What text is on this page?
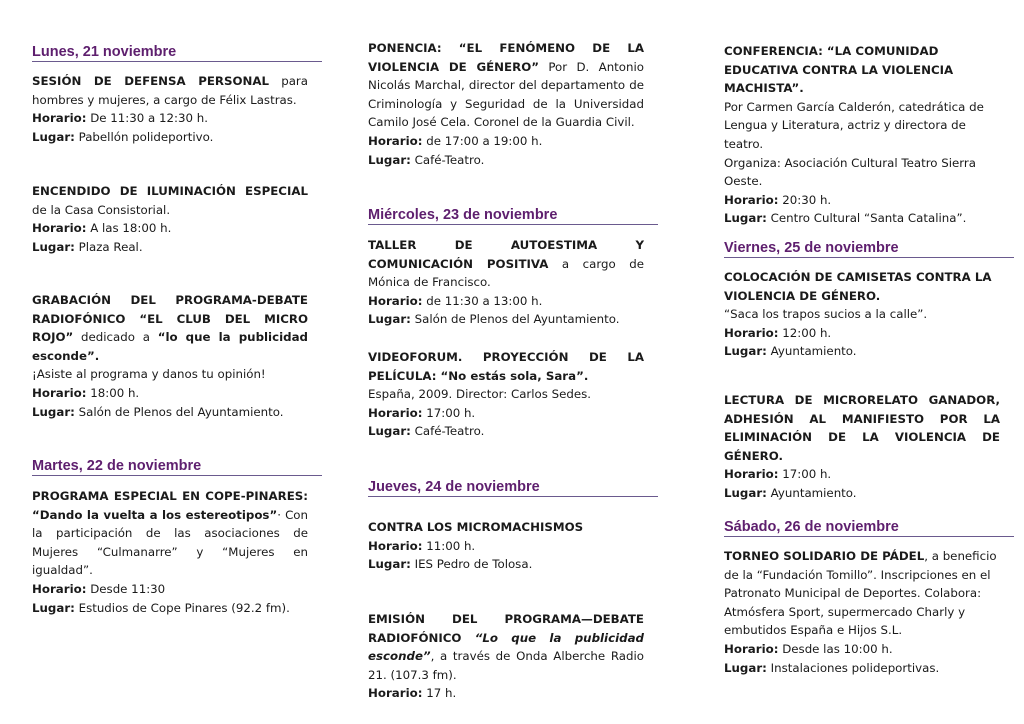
Lunes, 21 noviembre

SESIÓN DE DEFENSA PERSONAL para hombres y mujeres, a cargo de Félix Lastras.

Horario: De 11:30 a 12:30 h.

Lugar: Pabellón polideportivo.

ENCENDIDO DE ILUMINACIÓN ESPECIAL de la Casa Consistorial.

Horario: A las 18:00 h.

Lugar: Plaza Real.

GRABACIÓN DEL PROGRAMA-DEBATE RADIOFÓNICO “EL CLUB DEL MICRO ROJO” dedicado a “lo que la publicidad esconde”.

¡Asiste al programa y danos tu opinión!

Horario: 18:00 h.

Lugar: Salón de Plenos del Ayuntamiento.

Martes, 22 de noviembre

PROGRAMA ESPECIAL EN COPE-PINARES: “Dando la vuelta a los estereotipos”· Con la participación de las asociaciones de Mujeres “Culmanarre” y “Mujeres en igualdad”.

Horario: Desde 11:30

Lugar: Estudios de Cope Pinares (92.2 fm).

PONENCIA: “EL FENÓMENO DE LA VIOLENCIA DE GÉNERO” Por D. Antonio Nicolás Marchal, director del departamento de Criminología y Seguridad de la Universidad Camilo José Cela. Coronel de la Guardia Civil.

Horario: de 17:00 a 19:00 h.

Lugar: Café-Teatro.

Miércoles, 23 de noviembre

TALLER DE AUTOESTIMA Y COMUNICACIÓN POSITIVA a cargo de Mónica de Francisco.

Horario: de 11:30 a 13:00 h.

Lugar: Salón de Plenos del Ayuntamiento.

VIDEOFORUM. PROYECCIÓN DE LA PELÍCULA: “No estás sola, Sara”.

España, 2009. Director: Carlos Sedes.

Horario: 17:00 h.

Lugar: Café-Teatro.

Jueves, 24 de noviembre

CONTRA LOS MICROMACHISMOS

Horario: 11:00 h.

Lugar: IES Pedro de Tolosa.

EMISIÓN DEL PROGRAMA—DEBATE RADIOFÓNICO “Lo que la publicidad esconde”, a través de Onda Alberche Radio 21. (107.3 fm).

Horario: 17 h.

CONFERENCIA: “LA COMUNIDAD EDUCATIVA CONTRA LA VIOLENCIA MACHISTA”.

Por Carmen García Calderón, catedrática de Lengua y Literatura, actriz y directora de teatro.

Organiza: Asociación Cultural Teatro Sierra Oeste.

Horario: 20:30 h.

Lugar: Centro Cultural “Santa Catalina”.

Viernes, 25 de noviembre

COLOCACIÓN DE CAMISETAS CONTRA LA VIOLENCIA DE GÉNERO.

“Saca los trapos sucios a la calle”.

Horario: 12:00 h.

Lugar: Ayuntamiento.

LECTURA DE MICRORELATO GANADOR, ADHESIÓN AL MANIFIESTO POR LA ELIMINACIÓN DE LA VIOLENCIA DE GÉNERO.

Horario: 17:00 h.

Lugar: Ayuntamiento.

Sábado, 26 de noviembre

TORNEO SOLIDARIO DE PÁDEL, a beneficio de la “Fundación Tomillo”. Inscripciones en el Patronato Municipal de Deportes. Colabora: Atmósfera Sport, supermercado Charly y embutidos España e Hijos S.L.

Horario: Desde las 10:00 h.

Lugar: Instalaciones polideportivas.
